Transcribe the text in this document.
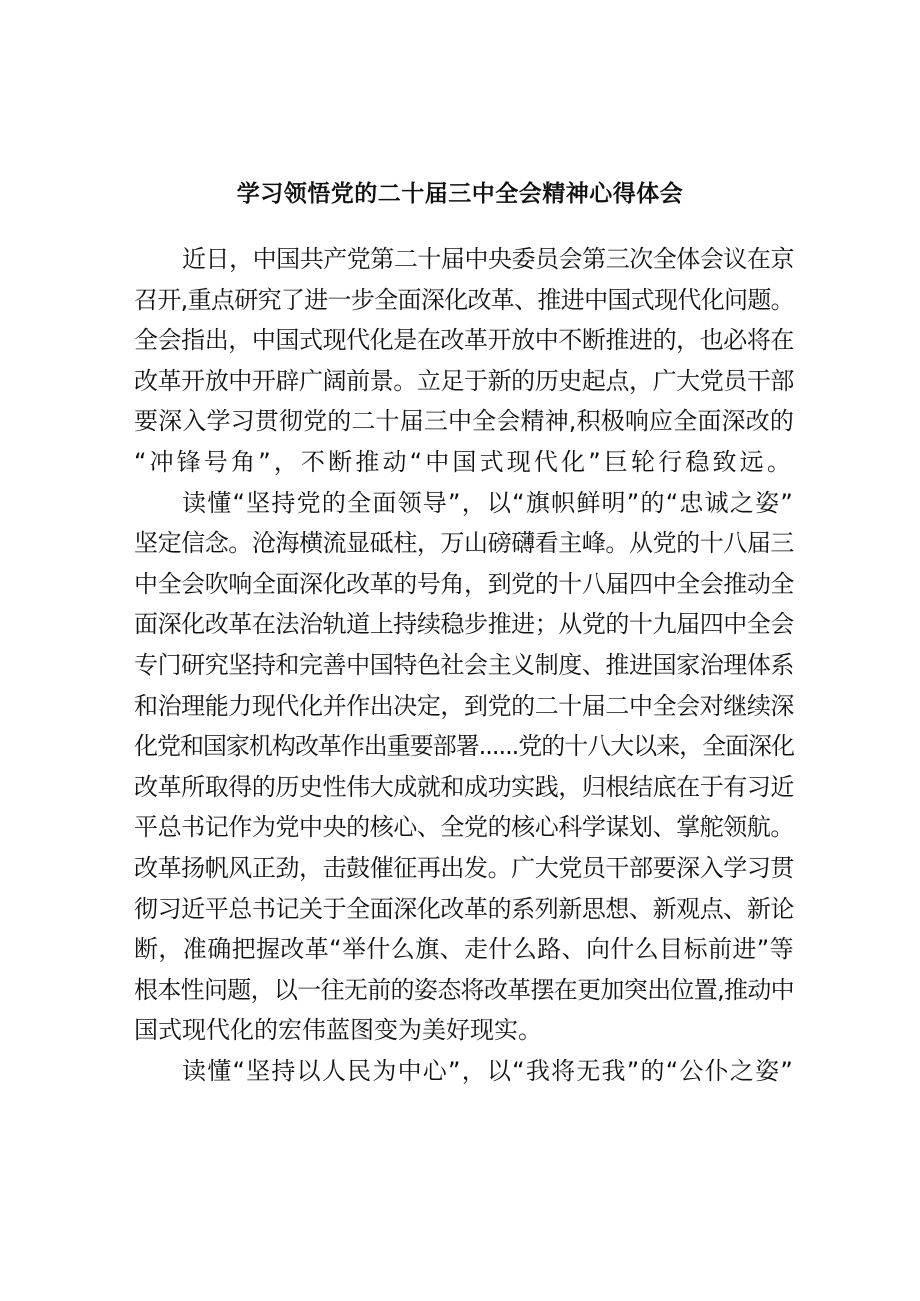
学习领悟党的二十届三中全会精神心得体会
近日，中国共产党第二十届中央委员会第三次全体会议在京
召开,重点研究了进一步全面深化改革、推进中国式现代化问题。
全会指出，中国式现代化是在改革开放中不断推进的，也必将在
改革开放中开辟广阔前景。立足于新的历史起点，广大党员干部
要深入学习贯彻党的二十届三中全会精神,积极响应全面深改的
“冲锋号角”，不断推动“中国式现代化”巨轮行稳致远。
读懂“坚持党的全面领导”，以“旗帜鲜明”的“忠诚之姿”
坚定信念。沧海横流显砥柱，万山磅礴看主峰。从党的十八届三
中全会吹响全面深化改革的号角，到党的十八届四中全会推动全
面深化改革在法治轨道上持续稳步推进；从党的十九届四中全会
专门研究坚持和完善中国特色社会主义制度、推进国家治理体系
和治理能力现代化并作出决定，到党的二十届二中全会对继续深
化党和国家机构改革作出重要部署......党的十八大以来，全面深化
改革所取得的历史性伟大成就和成功实践，归根结底在于有习近
平总书记作为党中央的核心、全党的核心科学谋划、掌舵领航。
改革扬帆风正劲，击鼓催征再出发。广大党员干部要深入学习贯
彻习近平总书记关于全面深化改革的系列新思想、新观点、新论
断，准确把握改革“举什么旗、走什么路、向什么目标前进”等
根本性问题，以一往无前的姿态将改革摆在更加突出位置,推动中
国式现代化的宏伟蓝图变为美好现实。
读懂“坚持以人民为中心”，以“我将无我”的“公仆之姿”
